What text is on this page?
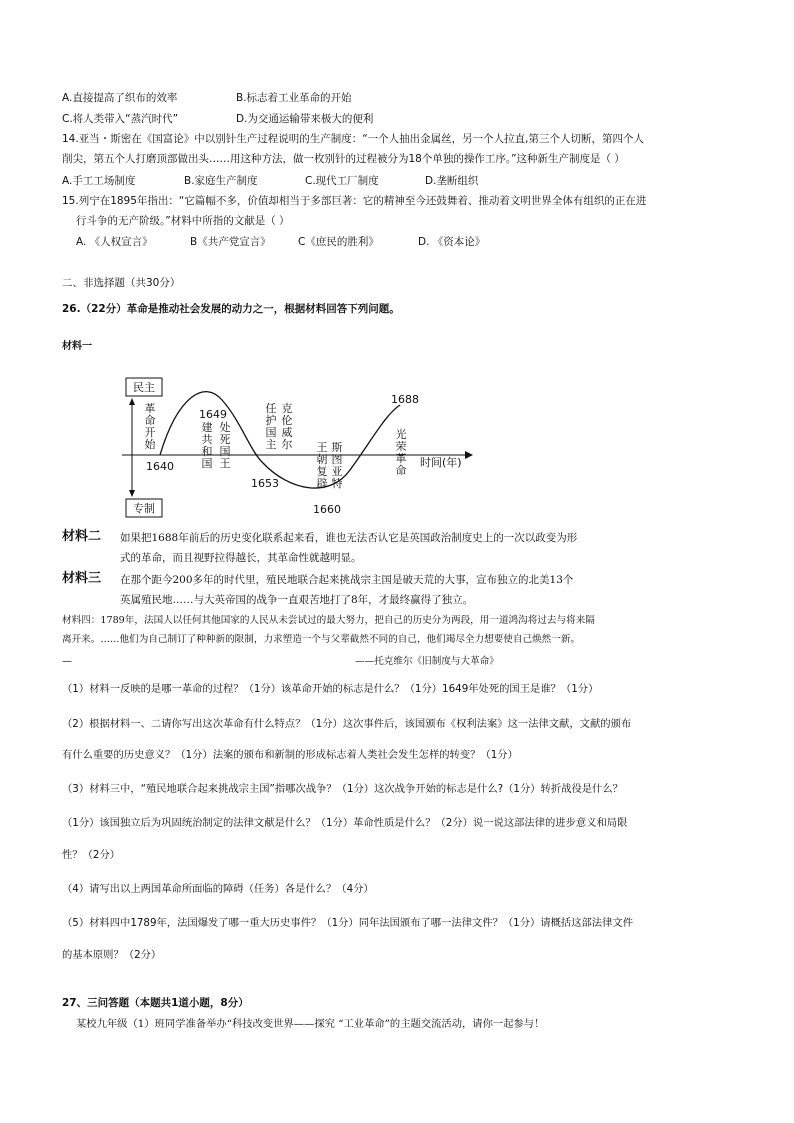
A.直接提高了织布的效率	B.标志着工业革命的开始
C.将人类带入“蒸汽时代”	D.为交通运输带来极大的便利
14.亚当・斯密在《国富论》中以别针生产过程说明的生产制度：“一个人抽出金属丝，另一个人拉直,第三个人切断，第四个人
削尖，第五个人打磨顶部做出头……用这种方法，做一枚别针的过程被分为18个单独的操作工序。”这种新生产制度是（ ）
A.手工工场制度	B.家庭生产制度	C.现代工厂制度	D.垄断组织
15.列宁在1895年指出：“它篇幅不多，价值却相当于多部巨著：它的精神至今还鼓舞着、推动着文明世界全体有组织的正在进
行斗争的无产阶级。”材料中所指的文献是（ ）
A. 《人权宣言》	B《共产党宣言》	C《庶民的胜利》	D. 《资本论》
二、非选择题（共30分）
26.（22分）革命是推动社会发展的动力之一，根据材料回答下列问题。
材料一
民主
专制
时间(年)
1640
1649
1653
1660
1688
革
命
开
始
建
共
和
国
处
死
国
王
任
护
国
主
克
伦
威
尔 王
朝
复
辟
斯
图
亚
特
光
荣
革
命
材料二 如果把1688年前后的历史变化联系起来看，谁也无法否认它是英国政治制度史上的一次以政变为形
式的革命，而且视野拉得越长，其革命性就越明显。
材料三 在那个距今200多年的时代里，殖民地联合起来挑战宗主国是破天荒的大事，宣布独立的北美13个
英属殖民地……与大英帝国的战争一直艰苦地打了8年，才最终赢得了独立。
材料四：1789年，法国人以任何其他国家的人民从未尝试过的最大努力，把自己的历史分为两段，用一道鸿沟将过去与将来隔
离开来。……他们为自己制订了种种新的限制，力求塑造一个与父辈截然不同的自己，他们竭尽全力想要使自己焕然一新。
—	——托克维尔《旧制度与大革命》
（1）材料一反映的是哪一革命的过程？（1分）该革命开始的标志是什么？（1分）1649年处死的国王是谁？（1分）
（2）根据材料一、二请你写出这次革命有什么特点？（1分）这次事件后，该国颁布《权利法案》这一法律文献，文献的颁布
有什么重要的历史意义？（1分）法案的颁布和新制的形成标志着人类社会发生怎样的转变？（1分）
（3）材料三中，“殖民地联合起来挑战宗主国”指哪次战争？（1分）这次战争开始的标志是什么?（1分）转折战役是什么？
（1分）该国独立后为巩固统治制定的法律文献是什么？（1分）革命性质是什么？（2分）说一说这部法律的进步意义和局限
性？（2分）
（4）请写出以上两国革命所面临的障碍（任务）各是什么？（4分）
（5）材料四中1789年，法国爆发了哪一重大历史事件？（1分）同年法国颁布了哪一法律文件？（1分）请概括这部法律文件
的基本原则？（2分）
27、三问答题（本题共1道小题，8分）
某校九年级（1）班同学准备举办“科技改变世界——探究 “工业革命”的主题交流活动，请你一起参与！
